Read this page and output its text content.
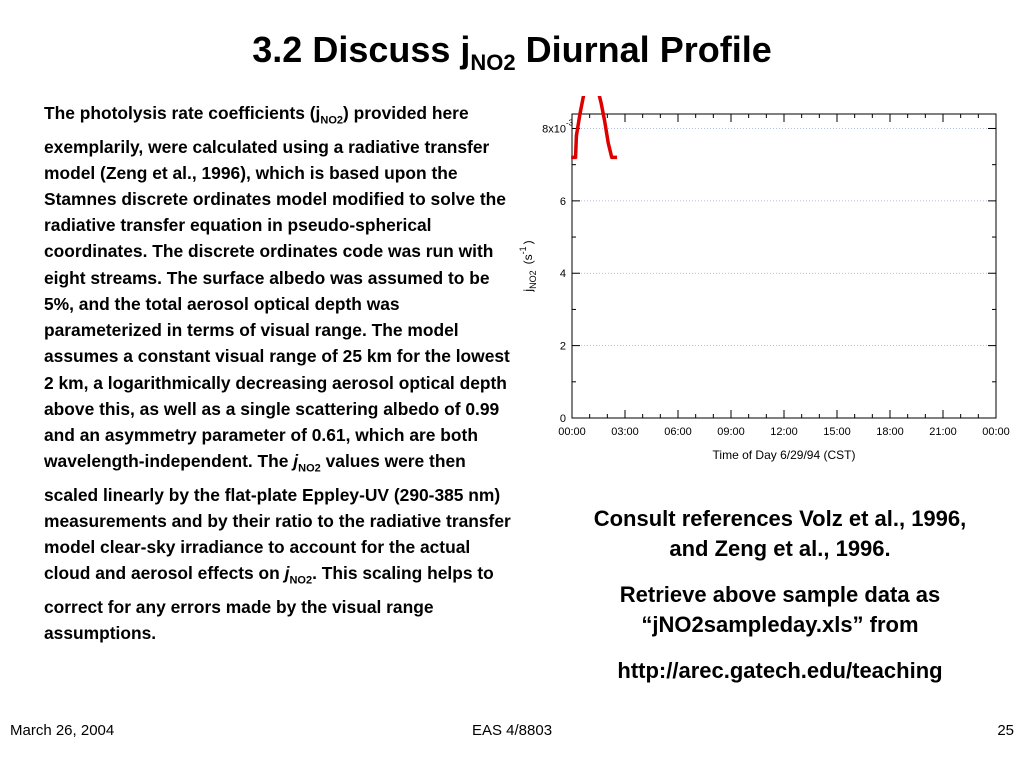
3.2 Discuss $j_{NO2}$ Diurnal Profile
The photolysis rate coefficients $(j_{NO2})$ provided here exemplarily, were calculated using a radiative transfer model (Zeng et al., 1996), which is based upon the Stamnes discrete ordinates model modified to solve the radiative transfer equation in pseudo-spherical coordinates. The discrete ordinates code was run with eight streams. The surface albedo was assumed to be 5%, and the total aerosol optical depth was parameterized in terms of visual range. The model assumes a constant visual range of 25 km for the lowest 2 km, a logarithmically decreasing aerosol optical depth above this, as well as a single scattering albedo of 0.99 and an asymmetry parameter of 0.61, which are both wavelength-independent. The $j_{NO2}$ values were then scaled linearly by the flat-plate Eppley-UV (290-385 nm) measurements and by their ratio to the radiative transfer model clear-sky irradiance to account for the actual cloud and aerosol effects on $j_{NO2}$. This scaling helps to correct for any errors made by the visual range assumptions.
0
2
4
6
8x10
-3
00:00 03:00 06:00 09:00 12:00 15:00 18:00 21:00 00:00
Time of Day 6/29/94 (CST)
$j_{NO2}(s^{-1})$
Consult references Volz et al., 1996, and Zeng et al., 1996.
Retrieve above sample data as “jNO2sampleday.xls” from
http://arec.gatech.edu/teaching
March 26, 2004	EAS 4/8803	25
